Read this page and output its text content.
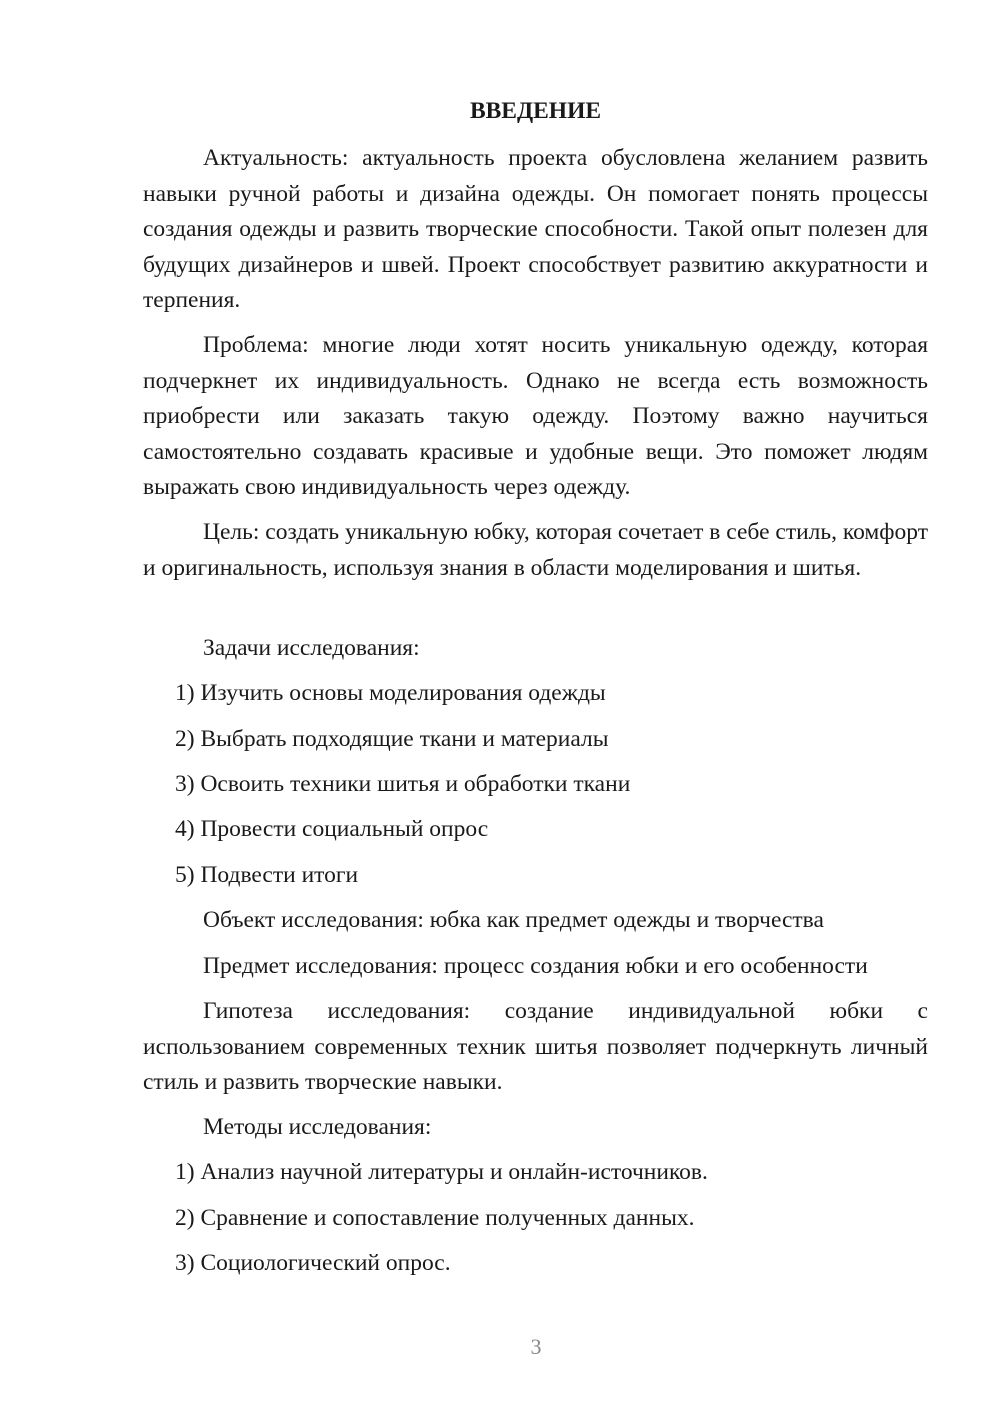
ВВЕДЕНИЕ

Актуальность: актуальность проекта обусловлена желанием развить навыки ручной работы и дизайна одежды. Он помогает понять процессы создания одежды и развить творческие способности. Такой опыт полезен для будущих дизайнеров и швей. Проект способствует развитию аккуратности и терпения.

Проблема: многие люди хотят носить уникальную одежду, которая подчеркнет их индивидуальность. Однако не всегда есть возможность приобрести или заказать такую одежду. Поэтому важно научиться самостоятельно создавать красивые и удобные вещи. Это поможет людям выражать свою индивидуальность через одежду.

Цель: создать уникальную юбку, которая сочетает в себе стиль, комфорт и оригинальность, используя знания в области моделирования и шитья.

Задачи исследования:

1) Изучить основы моделирования одежды

2) Выбрать подходящие ткани и материалы

3) Освоить техники шитья и обработки ткани

4) Провести социальный опрос

5) Подвести итоги

Объект исследования: юбка как предмет одежды и творчества

Предмет исследования: процесс создания юбки и его особенности

Гипотеза исследования: создание индивидуальной юбки с использованием современных техник шитья позволяет подчеркнуть личный стиль и развить творческие навыки.

Методы исследования:

1) Анализ научной литературы и онлайн-источников.

2) Сравнение и сопоставление полученных данных.

3) Социологический опрос.

3
